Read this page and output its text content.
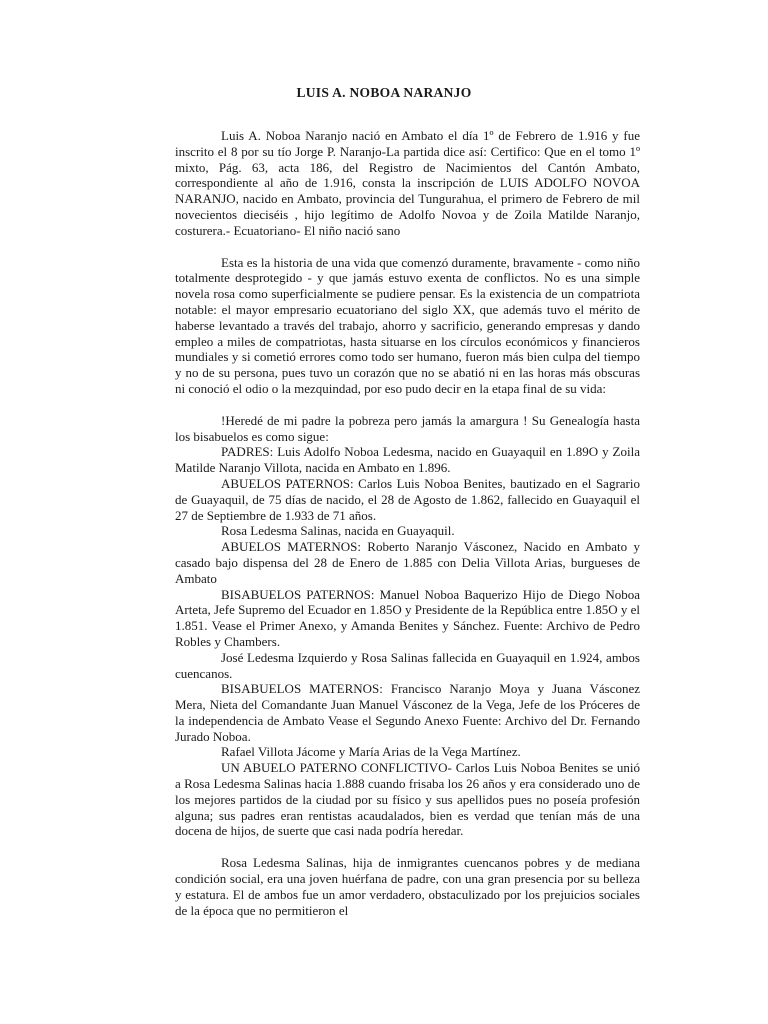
LUIS A. NOBOA NARANJO

Luis A. Noboa Naranjo nació en Ambato el día 1º de Febrero de 1.916 y fue inscrito el 8 por su tío Jorge P. Naranjo-La partida dice así: Certifico: Que en el tomo 1º mixto, Pág. 63, acta 186, del Registro de Nacimientos del Cantón Ambato, correspondiente al año de 1.916, consta la inscripción de LUIS ADOLFO NOVOA NARANJO, nacido en Ambato, provincia del Tungurahua, el primero de Febrero de mil novecientos dieciséis , hijo legítimo de Adolfo Novoa y de Zoila Matilde Naranjo, costurera.- Ecuatoriano- El niño nació sano

Esta es la historia de una vida que comenzó duramente, bravamente - como niño totalmente desprotegido - y que jamás estuvo exenta de conflictos. No es una simple novela rosa como superficialmente se pudiere pensar. Es la existencia de un compatriota notable: el mayor empresario ecuatoriano del siglo XX, que además tuvo el mérito de haberse levantado a través del trabajo, ahorro y sacrificio, generando empresas y dando empleo a miles de compatriotas, hasta situarse en los círculos económicos y financieros mundiales y si cometió errores como todo ser humano, fueron más bien culpa del tiempo y no de su persona, pues tuvo un corazón que no se abatió ni en las horas más obscuras ni conoció el odio o la mezquindad, por eso pudo decir en la etapa final de su vida:

!Heredé de mi padre la pobreza pero jamás la amargura ! Su Genealogía hasta los bisabuelos es como sigue:

PADRES: Luis Adolfo Noboa Ledesma, nacido en Guayaquil en 1.89O y Zoila Matilde Naranjo Villota, nacida en Ambato en 1.896.

ABUELOS PATERNOS: Carlos Luis Noboa Benites, bautizado en el Sagrario de Guayaquil, de 75 días de nacido, el 28 de Agosto de 1.862, fallecido en Guayaquil el 27 de Septiembre de 1.933 de 71 años.

Rosa Ledesma Salinas, nacida en Guayaquil.

ABUELOS MATERNOS: Roberto Naranjo Vásconez, Nacido en Ambato y casado bajo dispensa del 28 de Enero de 1.885 con Delia Villota Arias, burgueses de Ambato

BISABUELOS PATERNOS: Manuel Noboa Baquerizo Hijo de Diego Noboa Arteta, Jefe Supremo del Ecuador en 1.85O y Presidente de la República entre 1.85O y el 1.851. Vease el Primer Anexo, y Amanda Benites y Sánchez. Fuente: Archivo de Pedro Robles y Chambers.

José Ledesma Izquierdo y Rosa Salinas fallecida en Guayaquil en 1.924, ambos cuencanos.

BISABUELOS MATERNOS: Francisco Naranjo Moya y Juana Vásconez Mera, Nieta del Comandante Juan Manuel Vásconez de la Vega, Jefe de los Próceres de la independencia de Ambato Vease el Segundo Anexo Fuente: Archivo del Dr. Fernando Jurado Noboa.

Rafael Villota Jácome y María Arias de la Vega Martínez.

UN ABUELO PATERNO CONFLICTIVO- Carlos Luis Noboa Benites se unió a Rosa Ledesma Salinas hacia 1.888 cuando frisaba los 26 años y era considerado uno de los mejores partidos de la ciudad por su físico y sus apellidos pues no poseía profesión alguna; sus padres eran rentistas acaudalados, bien es verdad que tenían más de una docena de hijos, de suerte que casi nada podría heredar.

Rosa Ledesma Salinas, hija de inmigrantes cuencanos pobres y de mediana condición social, era una joven huérfana de padre, con una gran presencia por su belleza y estatura. El de ambos fue un amor verdadero, obstaculizado por los prejuicios sociales de la época que no permitieron el
